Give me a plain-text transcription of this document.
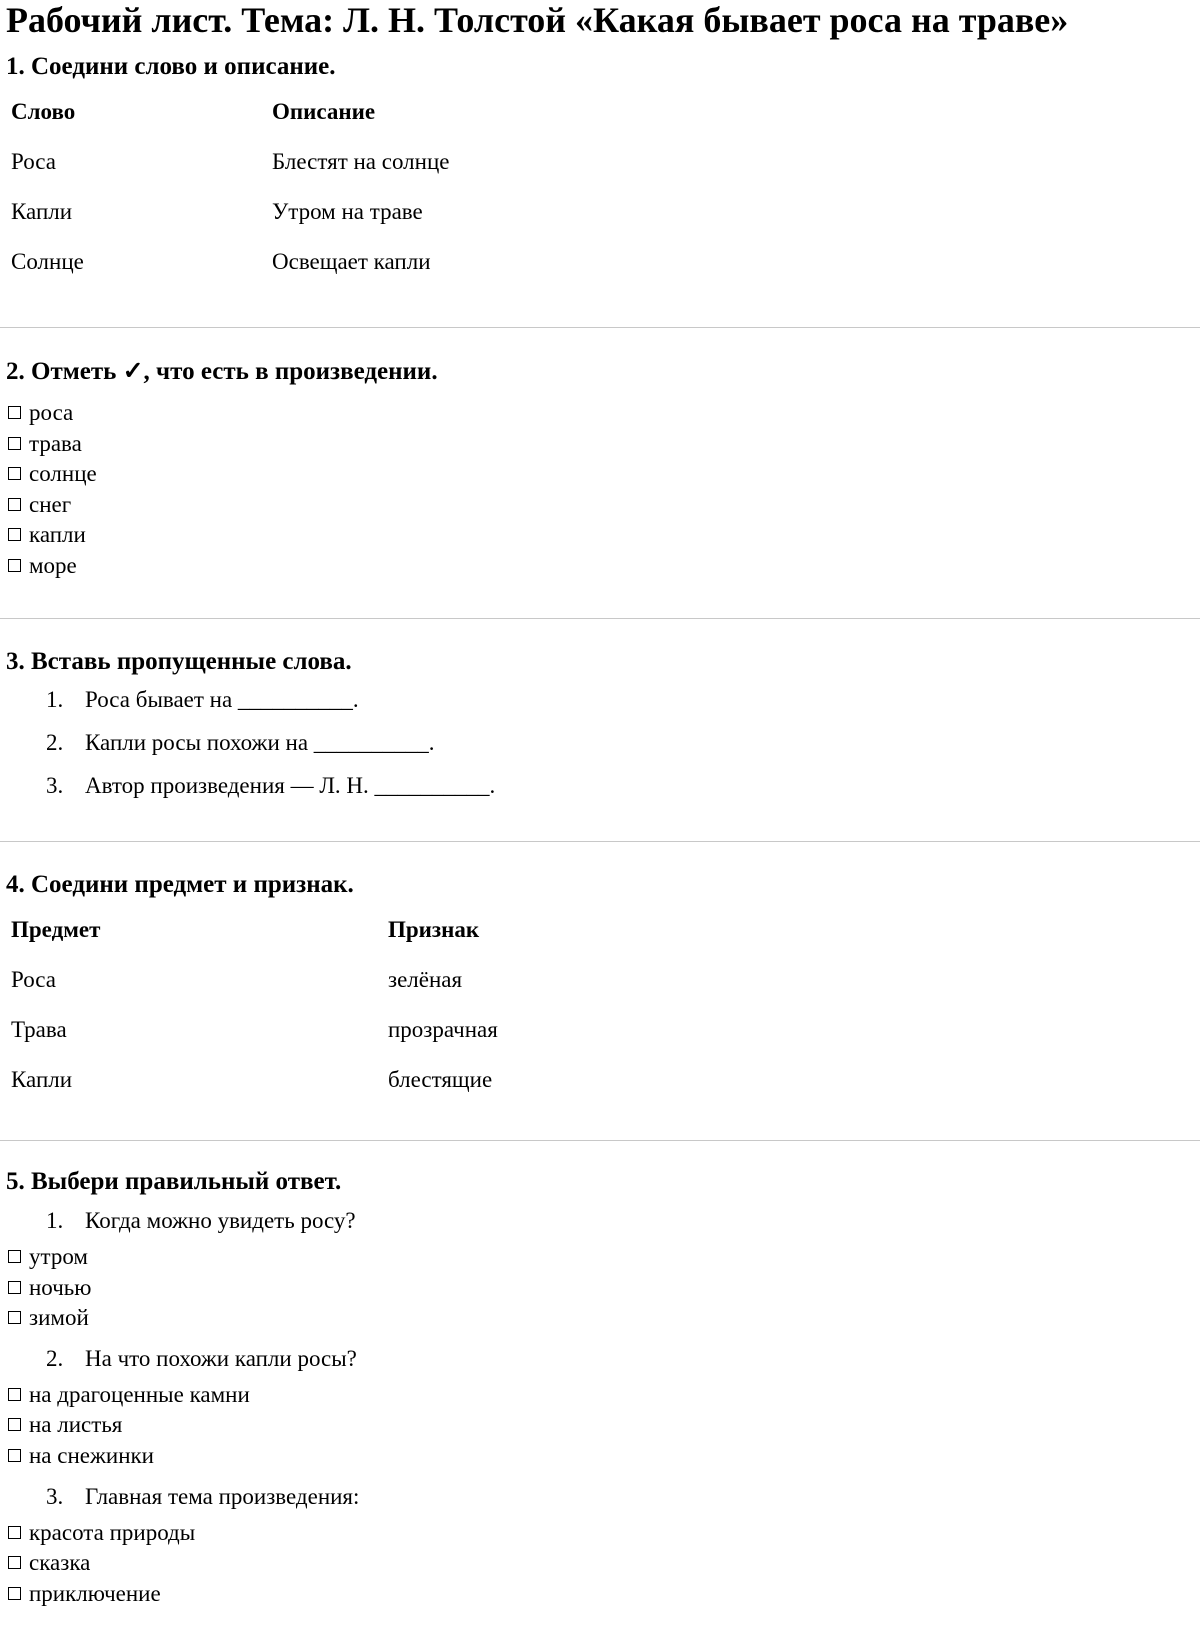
Рабочий лист. Тема: Л. Н. Толстой «Какая бывает роса на траве»
1. Соедини слово и описание.
Слово	Описание
Роса	Блестят на солнце
Капли	Утром на траве
Солнце	Освещает капли
2. Отметь ✓, что есть в произведении.
роса
трава
солнце
снег
капли
море
3. Вставь пропущенные слова.
1. Роса бывает на __________.
2. Капли росы похожи на __________.
3. Автор произведения — Л. Н. __________.
4. Соедини предмет и признак.
Предмет	Признак
Роса	зелёная
Трава	прозрачная
Капли	блестящие
5. Выбери правильный ответ.
1. Когда можно увидеть росу?
утром
ночью
зимой
2. На что похожи капли росы?
на драгоценные камни
на листья
на снежинки
3. Главная тема произведения:
красота природы
сказка
приключение
